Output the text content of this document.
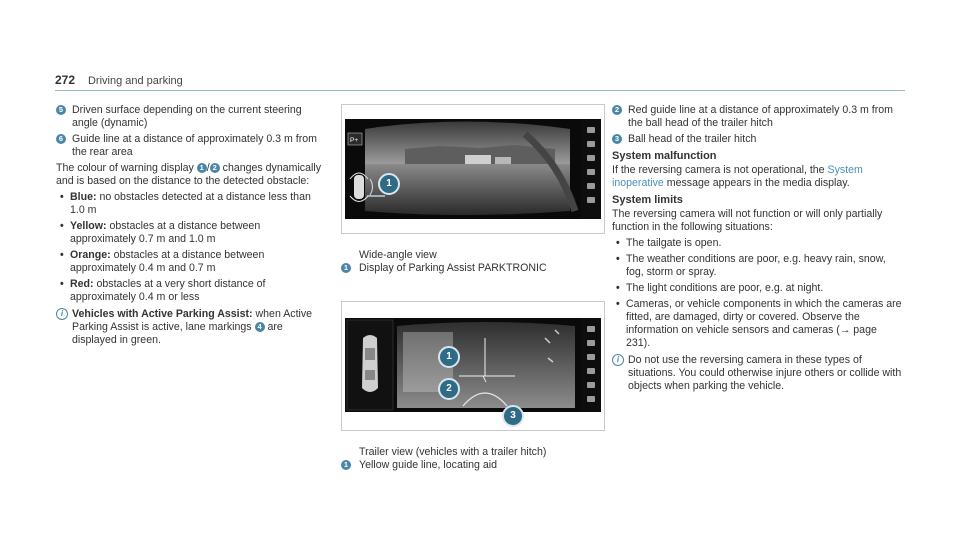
272 Driving and parking
5 Driven surface depending on the current steering angle (dynamic)
6 Guide line at a distance of approximately 0.3 m from the rear area

The colour of warning display 1 / 2 changes dynamically and is based on the distance to the detected obstacle:

• Blue: no obstacles detected at a distance less than 1.0 m
• Yellow: obstacles at a distance between approximately 0.7 m and 1.0 m
• Orange: obstacles at a distance between approximately 0.4 m and 0.7 m
• Red: obstacles at a very short distance of approximately 0.4 m or less
i Vehicles with Active Parking Assist: when Active Parking Assist is active, lane markings 4 are displayed in green.
P+
1
Wide-angle view
1 Display of Parking Assist PARKTRONIC
1
2
3
Trailer view (vehicles with a trailer hitch)
1 Yellow guide line, locating aid
2 Red guide line at a distance of approximately 0.3 m from the ball head of the trailer hitch
3 Ball head of the trailer hitch
System malfunction

If the reversing camera is not operational, the System inoperative message appears in the media display.

System limits

The reversing camera will not function or will only partially function in the following situations:

• The tailgate is open.
• The weather conditions are poor, e.g. heavy rain, snow, fog, storm or spray.
• The light conditions are poor, e.g. at night.
• Cameras, or vehicle components in which the cameras are fitted, are damaged, dirty or covered. Observe the information on vehicle sensors and cameras (→ page 231).
i Do not use the reversing camera in these types of situations. You could otherwise injure others or collide with objects when parking the vehicle.
